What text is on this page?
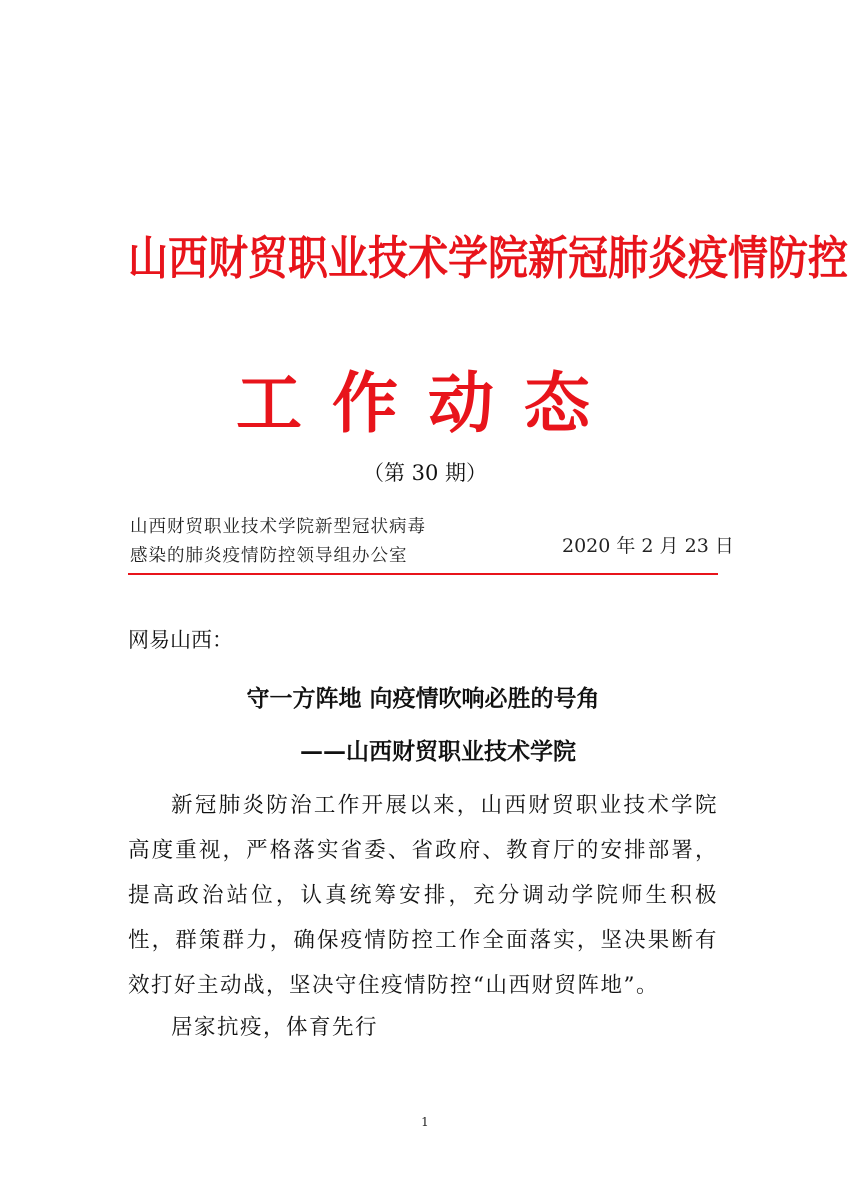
山西财贸职业技术学院新冠肺炎疫情防控
工作动态
（第 30 期）
山西财贸职业技术学院新型冠状病毒
感染的肺炎疫情防控领导组办公室	2020 年 2 月 23 日
网易山西：
守一方阵地 向疫情吹响必胜的号角
——山西财贸职业技术学院
新冠肺炎防治工作开展以来，山西财贸职业技术学院高度重视，严格落实省委、省政府、教育厅的安排部署，提高政治站位，认真统筹安排，充分调动学院师生积极性，群策群力，确保疫情防控工作全面落实，坚决果断有效打好主动战，坚决守住疫情防控“山西财贸阵地”。
居家抗疫，体育先行
1
